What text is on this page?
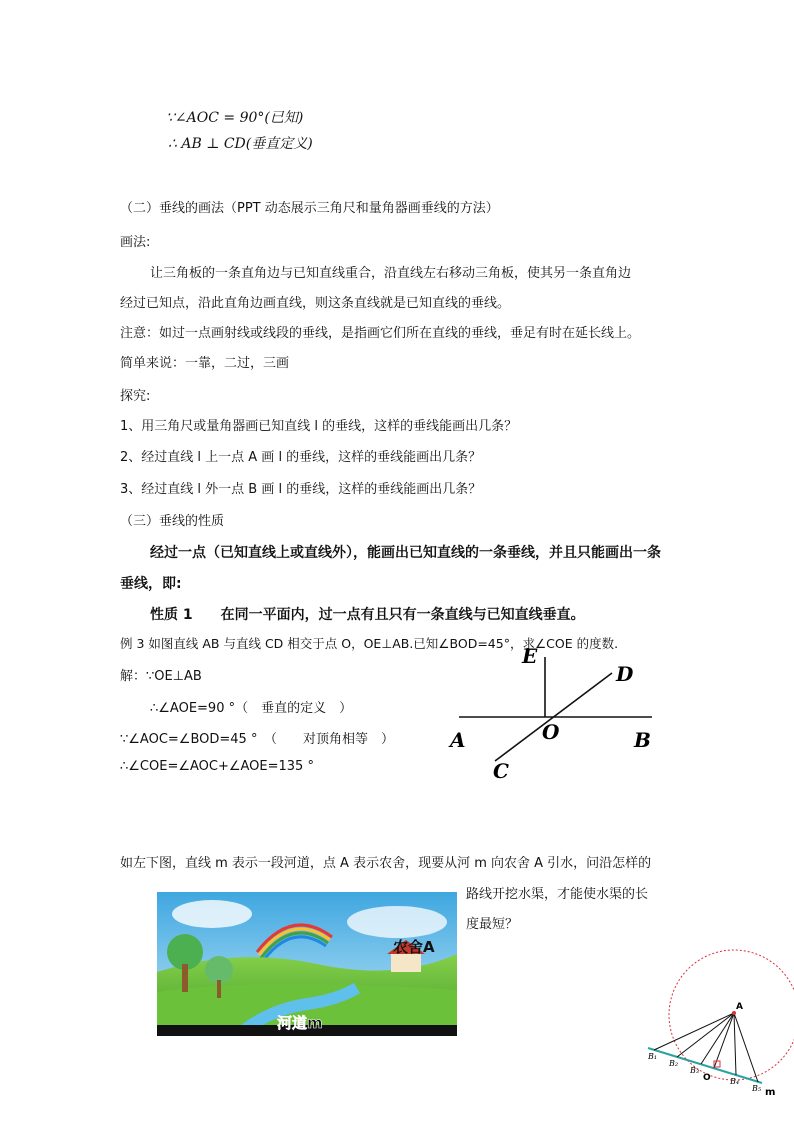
∵∠AOC = 90°(已知)
∴ AB ⊥ CD(垂直定义)
（二）垂线的画法（PPT 动态展示三角尺和量角器画垂线的方法）
画法:
让三角板的一条直角边与已知直线重合，沿直线左右移动三角板，使其另一条直角边
经过已知点，沿此直角边画直线，则这条直线就是已知直线的垂线。
注意：如过一点画射线或线段的垂线，是指画它们所在直线的垂线，垂足有时在延长线上。
简单来说：一靠，二过，三画
探究:
1、用三角尺或量角器画已知直线 l 的垂线，这样的垂线能画出几条？
2、经过直线 l 上一点 A 画 l 的垂线，这样的垂线能画出几条？
3、经过直线 l 外一点 B 画 l 的垂线，这样的垂线能画出几条？
（三）垂线的性质
经过一点（已知直线上或直线外），能画出已知直线的一条垂线，并且只能画出一条
垂线，即:
性质 1　　在同一平面内，过一点有且只有一条直线与已知直线垂直。
例 3 如图直线 AB 与直线 CD 相交于点 O，OE⊥AB.已知∠BOD=45°，求∠COE 的度数.
解：∵OE⊥AB
∴∠AOE=90 °（　垂直的定义　）
∵∠AOC=∠BOD=45 °　（　　对顶角相等　）
∴∠COE=∠AOC+∠AOE=135 °
E
D
A	O	B
C
如左下图，直线 m 表示一段河道，点 A 表示农舍，现要从河 m 向农舍 A 引水，问沿怎样的
路线开挖水渠，才能使水渠的长
度最短？
农舍A
河道m
A
O
m
B₁
B₂
B₃
B₄
B₅
